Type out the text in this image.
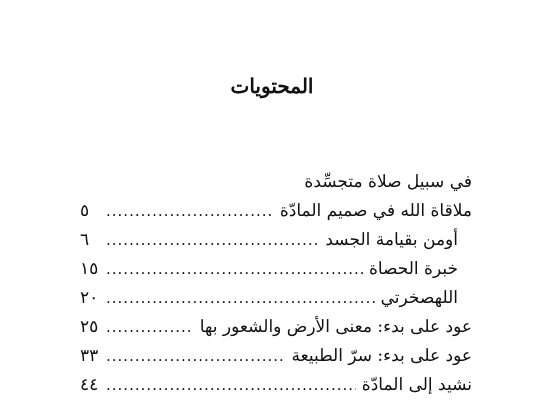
المحتويات
في سبيل صلاة متجسِّدة
ملاقاة الله في صميم المادّة
.....
٥
أومن بقيامة الجسد
.....
٦
خبرة الحصاة
.....
١٥
اللهصخرتي
.....
٢٠
عود على بدء: معنى الأرض والشعور بها
.....
٢٥
عود على بدء: سرّ الطبيعة
.....
٣٣
نشيد إلى المادّة
.....
٤٤
